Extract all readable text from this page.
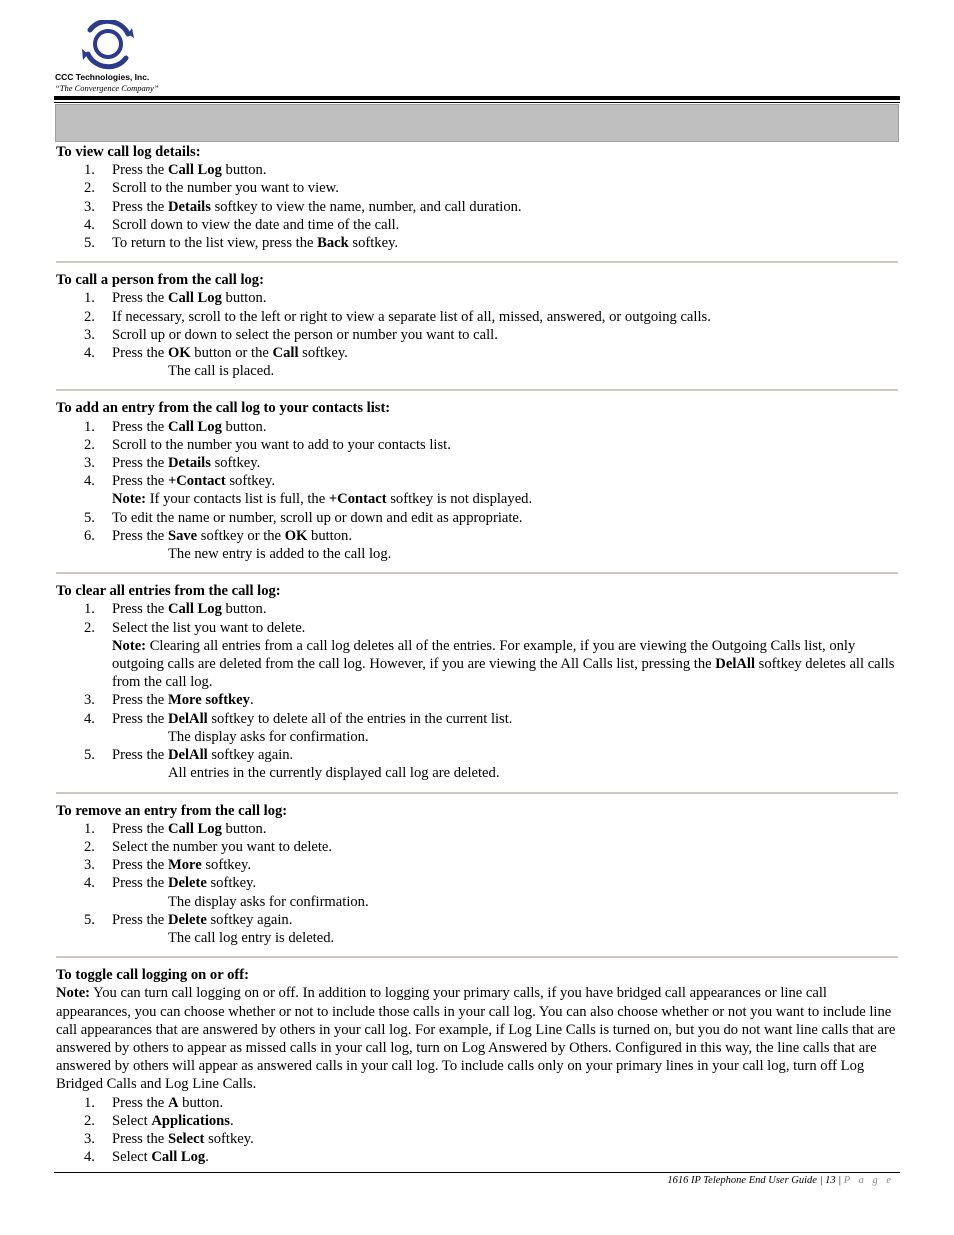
CCC Technologies, Inc.
“The Convergence Company”
To view call log details:
1. Press the Call Log button.
2. Scroll to the number you want to view.
3. Press the Details softkey to view the name, number, and call duration.
4. Scroll down to view the date and time of the call.
5. To return to the list view, press the Back softkey.
To call a person from the call log:
1. Press the Call Log button.
2. If necessary, scroll to the left or right to view a separate list of all, missed, answered, or outgoing calls.
3. Scroll up or down to select the person or number you want to call.
4. Press the OK button or the Call softkey.
The call is placed.
To add an entry from the call log to your contacts list:
1. Press the Call Log button.
2. Scroll to the number you want to add to your contacts list.
3. Press the Details softkey.
4. Press the +Contact softkey.
Note: If your contacts list is full, the +Contact softkey is not displayed.
5. To edit the name or number, scroll up or down and edit as appropriate.
6. Press the Save softkey or the OK button.
The new entry is added to the call log.
To clear all entries from the call log:
1. Press the Call Log button.
2. Select the list you want to delete.
Note: Clearing all entries from a call log deletes all of the entries. For example, if you are viewing the Outgoing Calls list, only outgoing calls are deleted from the call log. However, if you are viewing the All Calls list, pressing the DelAll softkey deletes all calls from the call log.
3. Press the More softkey.
4. Press the DelAll softkey to delete all of the entries in the current list.
The display asks for confirmation.
5. Press the DelAll softkey again.
All entries in the currently displayed call log are deleted.
To remove an entry from the call log:
1. Press the Call Log button.
2. Select the number you want to delete.
3. Press the More softkey.
4. Press the Delete softkey.
The display asks for confirmation.
5. Press the Delete softkey again.
The call log entry is deleted.
To toggle call logging on or off:
Note: You can turn call logging on or off. In addition to logging your primary calls, if you have bridged call appearances or line call appearances, you can choose whether or not to include those calls in your call log. You can also choose whether or not you want to include line call appearances that are answered by others in your call log. For example, if Log Line Calls is turned on, but you do not want line calls that are answered by others to appear as missed calls in your call log, turn on Log Answered by Others. Configured in this way, the line calls that are answered by others will appear as answered calls in your call log. To include calls only on your primary lines in your call log, turn off Log Bridged Calls and Log Line Calls.
1. Press the A button.
2. Select Applications.
3. Press the Select softkey.
4. Select Call Log.
1616 IP Telephone End User Guide | 13 | P a g e
